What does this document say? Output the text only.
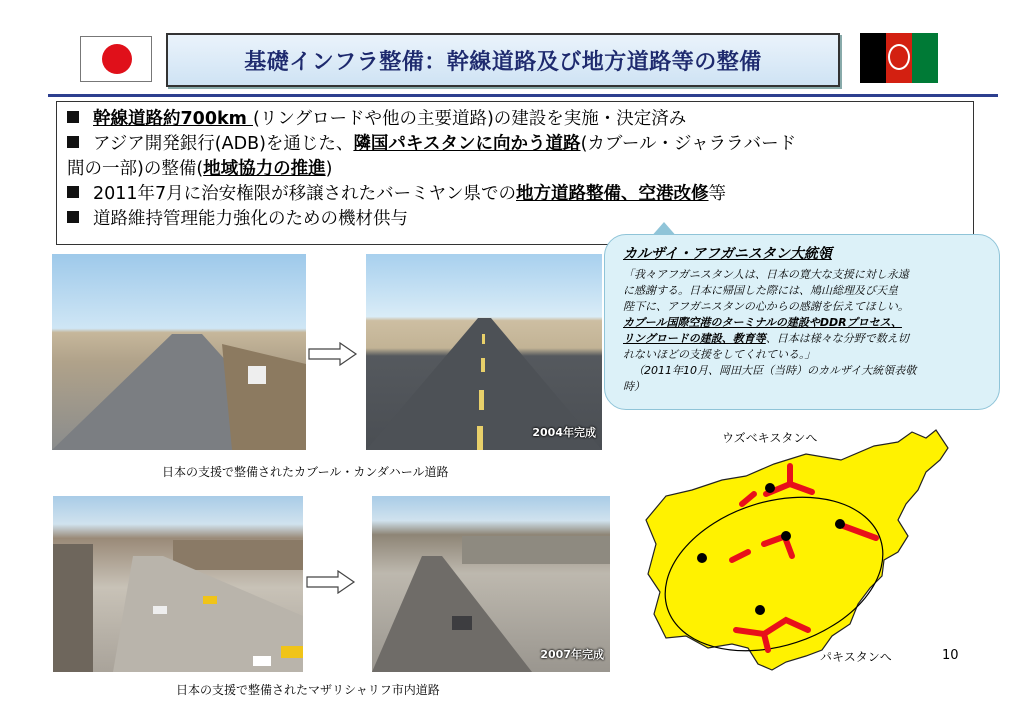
基礎インフラ整備：幹線道路及び地方道路等の整備
幹線道路約700km (リングロードや他の主要道路)の建設を実施・決定済み
アジア開発銀行(ADB)を通じた、隣国パキスタンに向かう道路(カブール・ジャララバード
間の一部)の整備(地域協力の推進)
2011年7月に治安権限が移譲されたバーミヤン県での地方道路整備、空港改修等
道路維持管理能力強化のための機材供与
カルザイ・アフガニスタン大統領
「我々アフガニスタン人は、日本の寛大な支援に対し永遠
に感謝する。日本に帰国した際には、鳩山総理及び天皇
陛下に、アフガニスタンの心からの感謝を伝えてほしい。
カブール国際空港のターミナルの建設やDDRプロセス、
リングロードの建設、教育等、日本は様々な分野で数え切
れないほどの支援をしてくれている。」
（2011年10月、岡田大臣（当時）のカルザイ大統領表敬
時）
2004年完成
日本の支援で整備されたカブール・カンダハール道路
2007年完成
日本の支援で整備されたマザリシャリフ市内道路
ウズベキスタンへ
パキスタンへ	10
